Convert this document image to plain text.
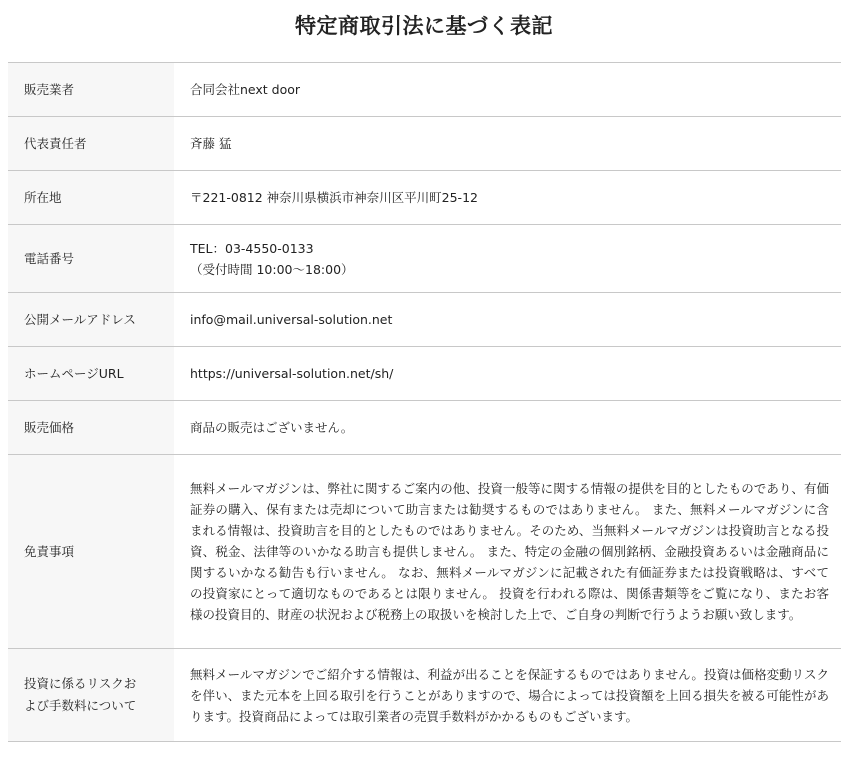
特定商取引法に基づく表記
販売業者	合同会社next door
代表責任者	斉藤 猛
所在地	〒221-0812 神奈川県横浜市神奈川区平川町25-12
電話番号	TEL：03-4550-0133
（受付時間 10:00～18:00）

公開メールアドレス	info@mail.universal-solution.net
ホームページURL	https://universal-solution.net/sh/
販売価格	商品の販売はございません。
免責事項	無料メールマガジンは、弊社に関するご案内の他、投資一般等に関する情報の提供を目的としたものであり、有価証券の購入、保有または売却について助言または勧奨するものではありません。 また、無料メールマガジンに含まれる情報は、投資助言を目的としたものではありません。そのため、当無料メールマガジンは投資助言となる投資、税金、法律等のいかなる助言も提供しません。 また、特定の金融の個別銘柄、金融投資あるいは金融商品に関するいかなる勧告も行いません。 なお、無料メールマガジンに記載された有価証券または投資戦略は、すべての投資家にとって適切なものであるとは限りません。 投資を行われる際は、関係書類等をご覧になり、またお客様の投資目的、財産の状況および税務上の取扱いを検討した上で、ご自身の判断で行うようお願い致します。

投資に係るリスクお
よび手数料について	無料メールマガジンでご紹介する情報は、利益が出ることを保証するものではありません。投資は価格変動リスクを伴い、また元本を上回る取引を行うことがありますので、場合によっては投資額を上回る損失を被る可能性があります。投資商品によっては取引業者の売買手数料がかかるものもございます。
